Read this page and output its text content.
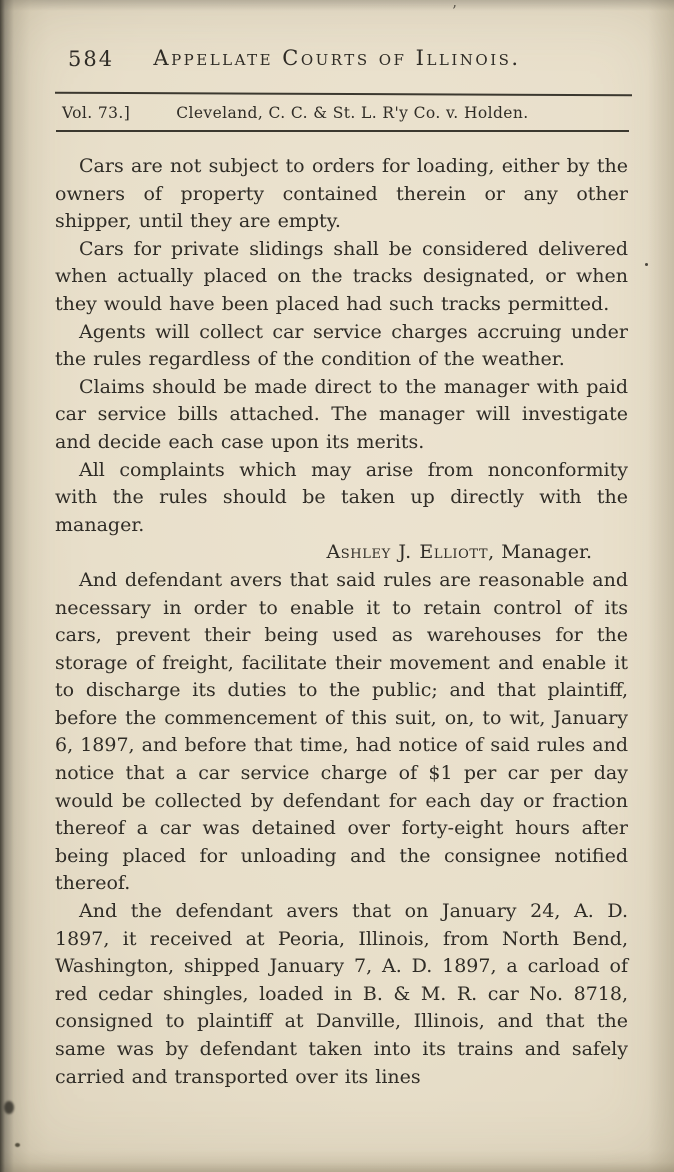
’
584	Appellate Courts of Illinois.
Vol. 73.]	Cleveland, C. C. & St. L. R'y Co. v. Holden.

Cars are not subject to orders for loading, either by the owners of property contained therein or any other shipper, until they are empty.

Cars for private slidings shall be considered delivered when actually placed on the tracks designated, or when they would have been placed had such tracks permitted.

Agents will collect car service charges accruing under the rules regardless of the condition of the weather.

Claims should be made direct to the manager with paid car service bills attached. The manager will investigate and decide each case upon its merits.

All complaints which may arise from nonconformity with the rules should be taken up directly with the manager.

Ashley J. Elliott, Manager.

And defendant avers that said rules are reasonable and necessary in order to enable it to retain control of its cars, prevent their being used as warehouses for the storage of freight, facilitate their movement and enable it to discharge its duties to the public; and that plaintiff, before the commencement of this suit, on, to wit, January 6, 1897, and before that time, had notice of said rules and notice that a car service charge of $1 per car per day would be collected by defendant for each day or fraction thereof a car was detained over forty-eight hours after being placed for unloading and the consignee notified thereof.

And the defendant avers that on January 24, A. D. 1897, it received at Peoria, Illinois, from North Bend, Washington, shipped January 7, A. D. 1897, a carload of red cedar shingles, loaded in B. & M. R. car No. 8718, consigned to plaintiff at Danville, Illinois, and that the same was by defendant taken into its trains and safely carried and transported over its lines
